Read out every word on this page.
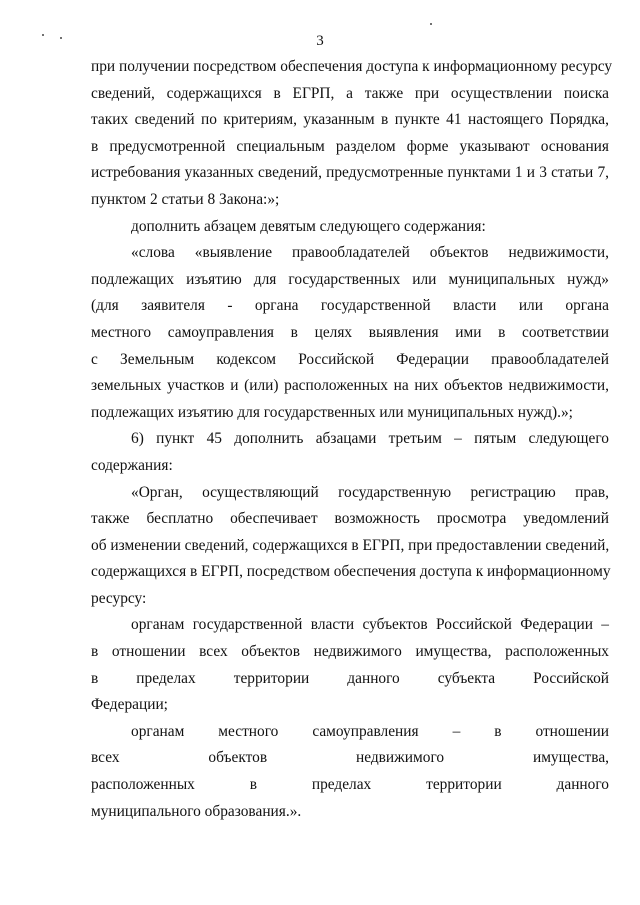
3
при получении посредством обеспечения доступа к информационному ресурсу
сведений, содержащихся в ЕГРП, а также при осуществлении поиска
таких сведений по критериям, указанным в пункте 41 настоящего Порядка,
в предусмотренной специальным разделом форме указывают основания
истребования указанных сведений, предусмотренные пунктами 1 и 3 статьи 7,
пунктом 2 статьи 8 Закона:»;
дополнить абзацем девятым следующего содержания:
«слова «выявление правообладателей объектов недвижимости,
подлежащих изъятию для государственных или муниципальных нужд»
(для заявителя - органа государственной власти или органа
местного самоуправления в целях выявления ими в соответствии
с Земельным кодексом Российской Федерации правообладателей
земельных участков и (или) расположенных на них объектов недвижимости,
подлежащих изъятию для государственных или муниципальных нужд).»;
6) пункт 45 дополнить абзацами третьим – пятым следующего
содержания:
«Орган, осуществляющий государственную регистрацию прав,
также бесплатно обеспечивает возможность просмотра уведомлений
об изменении сведений, содержащихся в ЕГРП, при предоставлении сведений,
содержащихся в ЕГРП, посредством обеспечения доступа к информационному
ресурсу:
органам государственной власти субъектов Российской Федерации –
в отношении всех объектов недвижимого имущества, расположенных
в пределах территории данного субъекта Российской
Федерации;
органам местного самоуправления – в отношении
всех объектов недвижимого имущества,
расположенных в пределах территории данного
муниципального образования.».
